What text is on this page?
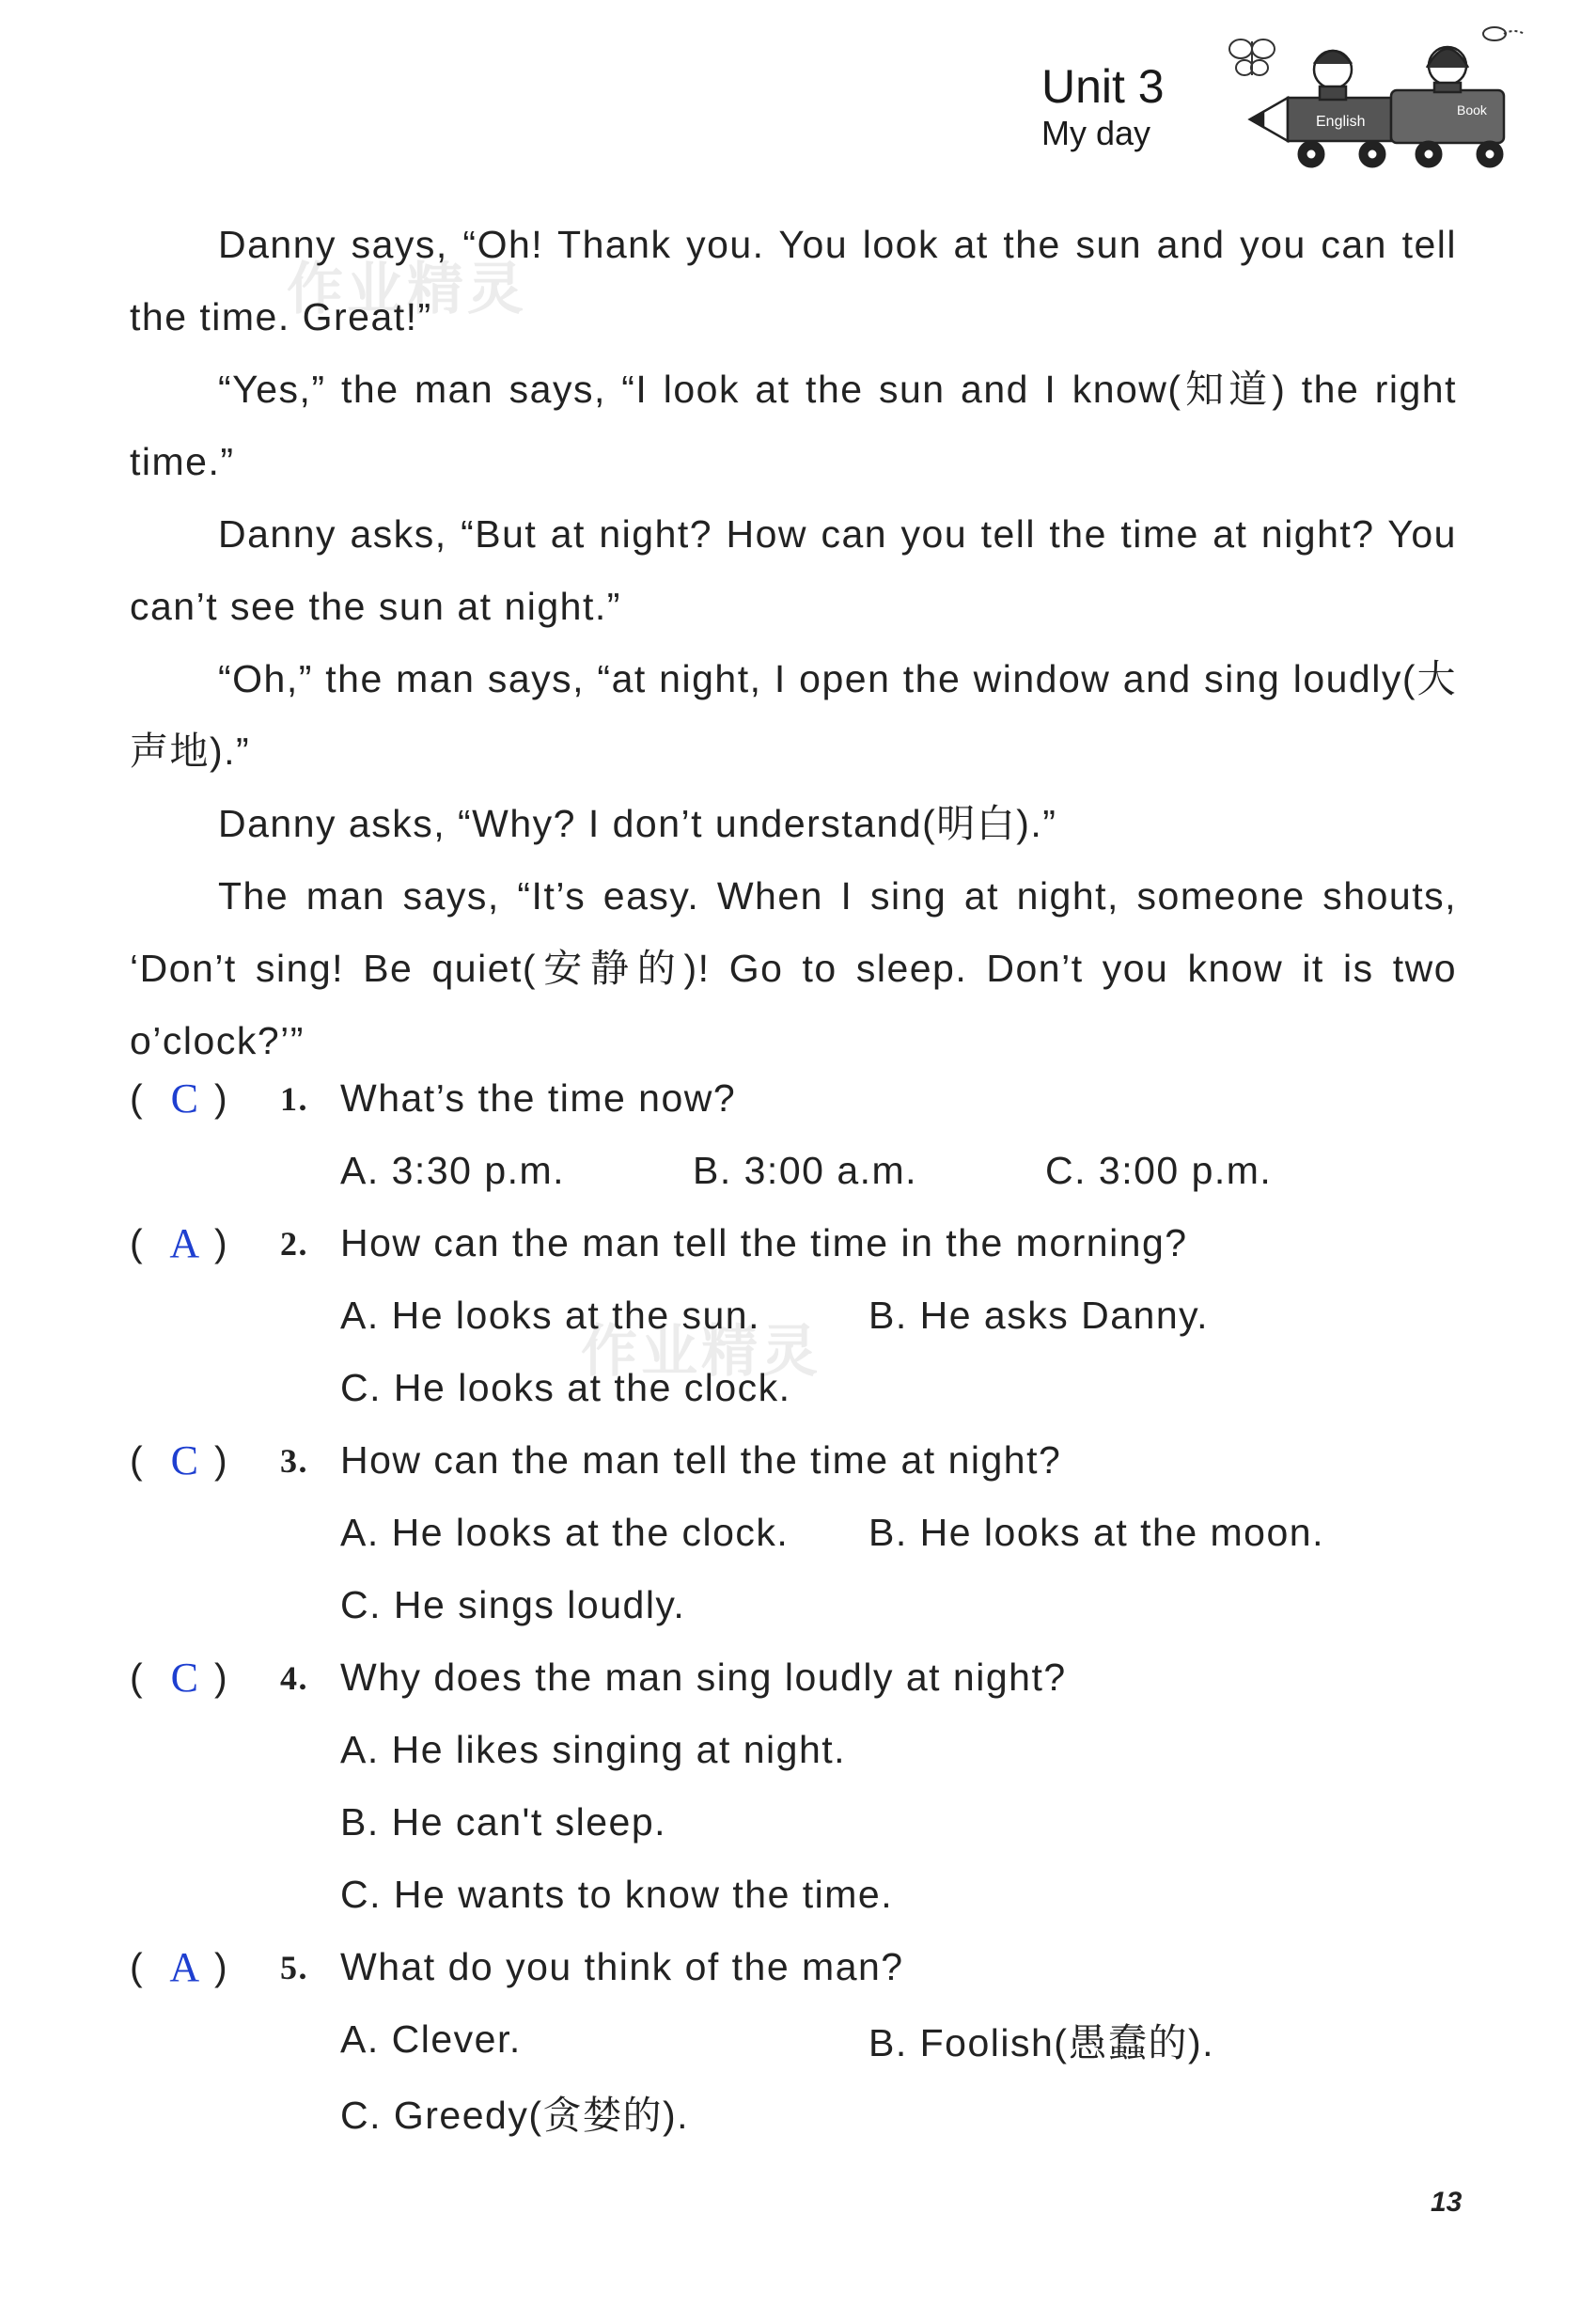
Unit 3
My day	English
Book
作业精灵
作业精灵

Danny says, “Oh! Thank you. You look at the sun and you can tell the time. Great!”

“Yes,” the man says, “I look at the sun and I know(知道) the right time.”

Danny asks, “But at night? How can you tell the time at night? You can’t see the sun at night.”

“Oh,” the man says, “at night, I open the window and sing loudly(大声地).”

Danny asks, “Why? I don’t understand(明白).”

The man says, “It’s easy. When I sing at night, someone shouts, ‘Don’t sing! Be quiet(安静的)! Go to sleep. Don’t you know it is two o’clock?’”

( C )	1. What’s the time now?
A. 3:30 p.m.	B. 3:00 a.m.	C. 3:00 p.m.
( A )	2. How can the man tell the time in the morning?
A. He looks at the sun.	B. He asks Danny.
C. He looks at the clock.
( C )	3. How can the man tell the time at night?
A. He looks at the clock.	B. He looks at the moon.
C. He sings loudly.
( C )	4. Why does the man sing loudly at night?
A. He likes singing at night.
B. He can't sleep.
C. He wants to know the time.
( A )	5. What do you think of the man?
A. Clever.	B. Foolish(愚蠢的).
C. Greedy(贪婪的).
13
